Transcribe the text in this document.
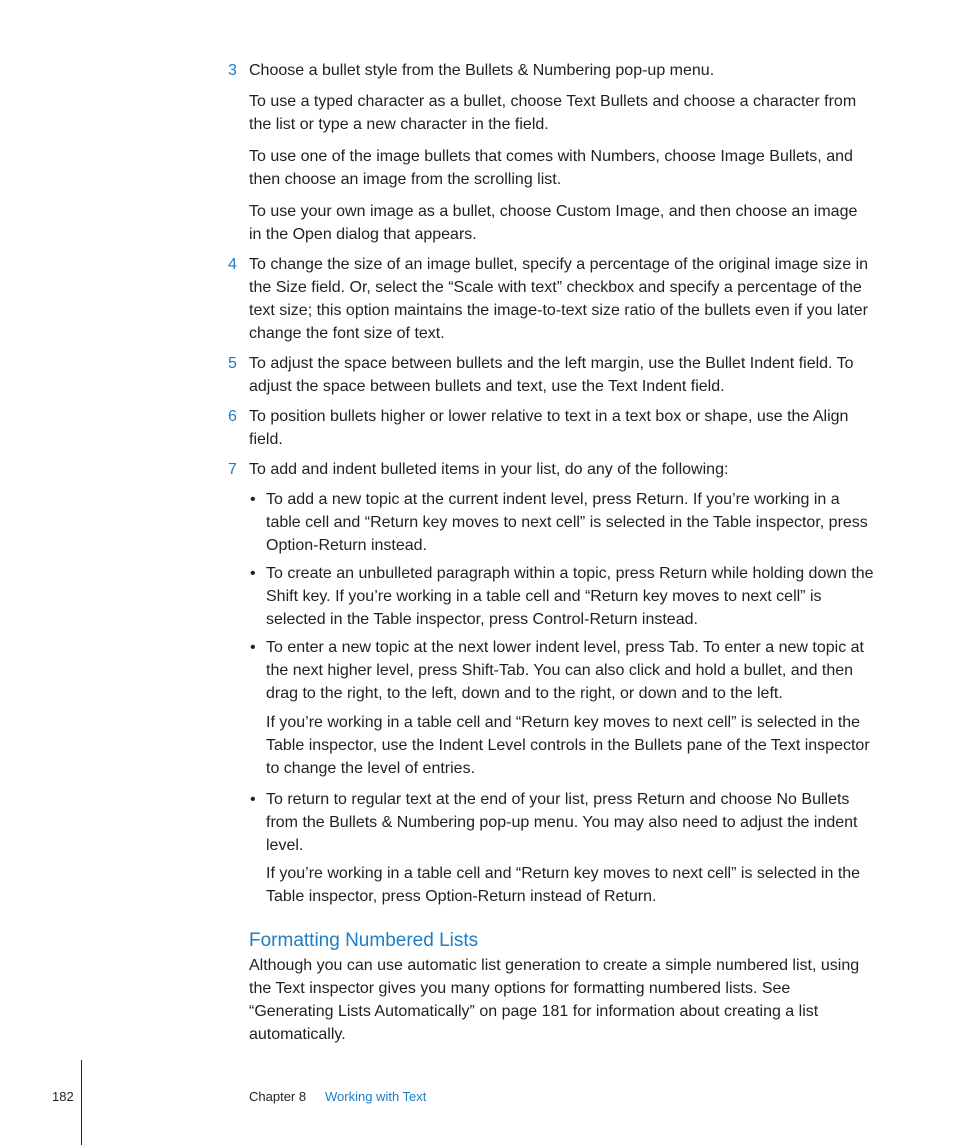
3 Choose a bullet style from the Bullets & Numbering pop-up menu.
To use a typed character as a bullet, choose Text Bullets and choose a character from the list or type a new character in the field.
To use one of the image bullets that comes with Numbers, choose Image Bullets, and then choose an image from the scrolling list.
To use your own image as a bullet, choose Custom Image, and then choose an image in the Open dialog that appears.
4 To change the size of an image bullet, specify a percentage of the original image size in the Size field. Or, select the “Scale with text” checkbox and specify a percentage of the text size; this option maintains the image-to-text size ratio of the bullets even if you later change the font size of text.
5 To adjust the space between bullets and the left margin, use the Bullet Indent field. To adjust the space between bullets and text, use the Text Indent field.
6 To position bullets higher or lower relative to text in a text box or shape, use the Align field.
7 To add and indent bulleted items in your list, do any of the following:
• To add a new topic at the current indent level, press Return. If you’re working in a table cell and “Return key moves to next cell” is selected in the Table inspector, press Option-Return instead.
• To create an unbulleted paragraph within a topic, press Return while holding down the Shift key. If you’re working in a table cell and “Return key moves to next cell” is selected in the Table inspector, press Control-Return instead.
• To enter a new topic at the next lower indent level, press Tab. To enter a new topic at the next higher level, press Shift-Tab. You can also click and hold a bullet, and then drag to the right, to the left, down and to the right, or down and to the left.
If you’re working in a table cell and “Return key moves to next cell” is selected in the Table inspector, use the Indent Level controls in the Bullets pane of the Text inspector to change the level of entries.
• To return to regular text at the end of your list, press Return and choose No Bullets from the Bullets & Numbering pop-up menu. You may also need to adjust the indent level.
If you’re working in a table cell and “Return key moves to next cell” is selected in the Table inspector, press Option-Return instead of Return.
Formatting Numbered Lists
Although you can use automatic list generation to create a simple numbered list, using the Text inspector gives you many options for formatting numbered lists. See “Generating Lists Automatically” on page 181 for information about creating a list automatically.
182	Chapter 8 Working with Text
